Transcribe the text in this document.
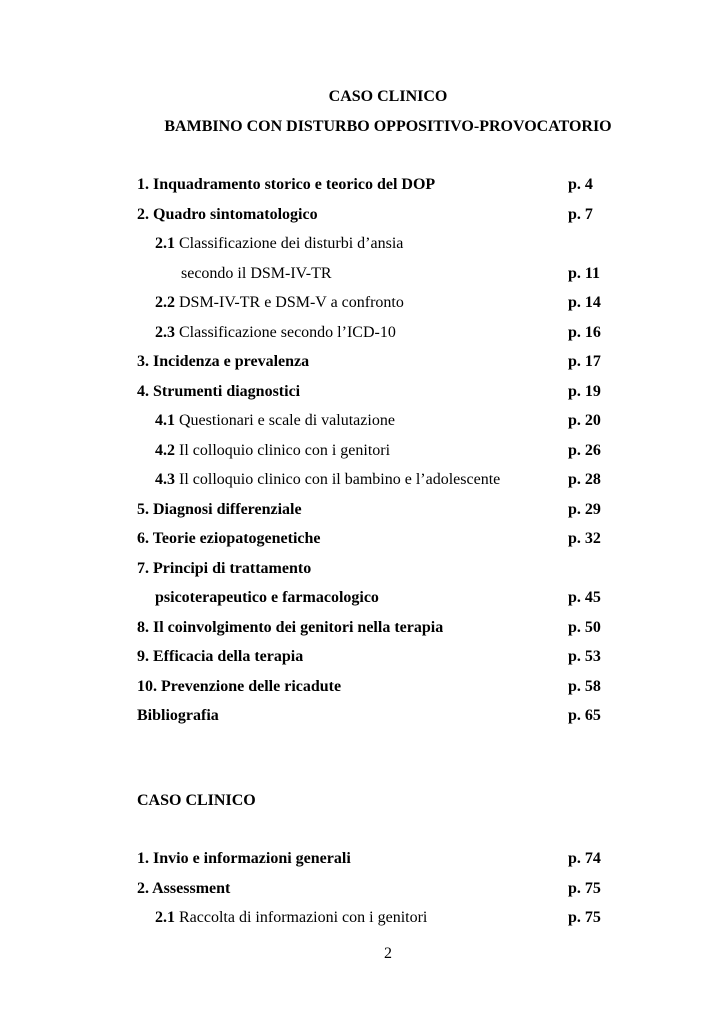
CASO CLINICO
BAMBINO CON DISTURBO OPPOSITIVO-PROVOCATORIO
1. Inquadramento storico e teorico del DOP	p. 4
2. Quadro sintomatologico	p. 7
2.1 Classificazione dei disturbi d’ansia
secondo il DSM-IV-TR	p. 11
2.2 DSM-IV-TR e DSM-V a confronto	p. 14
2.3 Classificazione secondo l’ICD-10	p. 16
3. Incidenza e prevalenza	p. 17
4. Strumenti diagnostici	p. 19
4.1 Questionari e scale di valutazione	p. 20
4.2 Il colloquio clinico con i genitori	p. 26
4.3 Il colloquio clinico con il bambino e l’adolescente	p. 28
5. Diagnosi differenziale	p. 29
6. Teorie eziopatogenetiche	p. 32
7. Principi di trattamento
psicoterapeutico e farmacologico	p. 45
8. Il coinvolgimento dei genitori nella terapia	p. 50
9. Efficacia della terapia	p. 53
10. Prevenzione delle ricadute	p. 58
Bibliografia	p. 65
CASO CLINICO
1. Invio e informazioni generali	p. 74
2. Assessment	p. 75
2.1 Raccolta di informazioni con i genitori	p. 75
2
